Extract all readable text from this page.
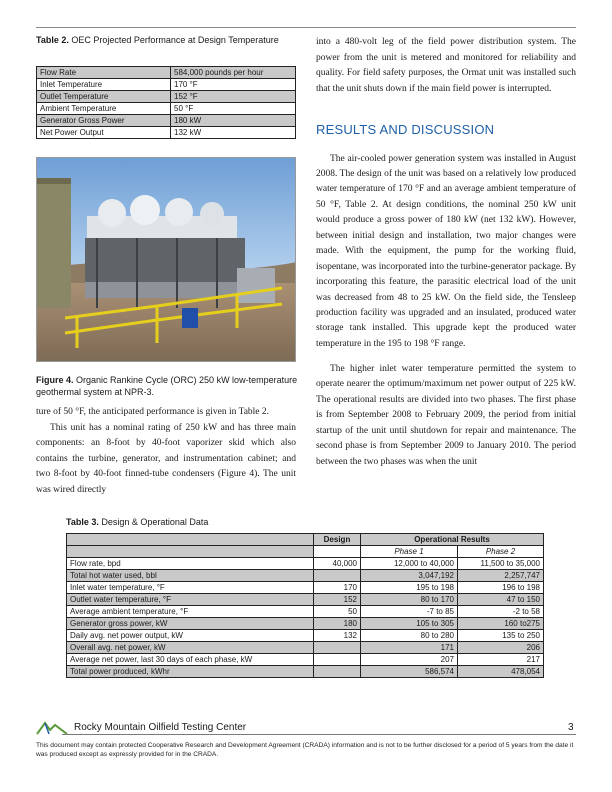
Table 2. OEC Projected Performance at Design Temperature
Flow Rate	584,000 pounds per hour
Inlet Temperature	170 °F
Outlet Temperature	152 °F
Ambient Temperature	50 °F
Generator Gross Power	180 kW
Net Power Output	132 kW
Figure 4. Organic Rankine Cycle (ORC) 250 kW low-temperature geothermal system at NPR-3.

ture of 50 °F, the anticipated performance is given in Table 2.

This unit has a nominal rating of 250 kW and has three main components: an 8-foot by 40-foot vaporizer skid which also contains the turbine, generator, and instrumentation cabinet; and two 8-foot by 40-foot finned-tube condensers (Figure 4). The unit was wired directly

into a 480-volt leg of the field power distribution system. The power from the unit is metered and monitored for reliability and quality. For field safety purposes, the Ormat unit was installed such that the unit shuts down if the main field power is interrupted.

RESULTS AND DISCUSSION

The air-cooled power generation system was installed in August 2008. The design of the unit was based on a relatively low produced water temperature of 170 °F and an average ambient temperature of 50 °F, Table 2. At design conditions, the nominal 250 kW unit would produce a gross power of 180 kW (net 132 kW). However, between initial design and installation, two major changes were made. With the equipment, the pump for the working fluid, isopentane, was incorporated into the turbine-generator package. By incorporating this feature, the parasitic electrical load of the unit was decreased from 48 to 25 kW. On the field side, the Tensleep production facility was upgraded and an insulated, produced water storage tank installed. This upgrade kept the produced water temperature in the 195 to 198 °F range.

The higher inlet water temperature permitted the system to operate nearer the optimum/maximum net power output of 225 kW. The operational results are divided into two phases. The first phase is from September 2008 to February 2009, the period from initial startup of the unit until shutdown for repair and maintenance. The second phase is from September 2009 to January 2010. The period between the two phases was when the unit

Table 3. Design & Operational Data
	Design	Operational Results	
		Phase 1	Phase 2
Flow rate, bpd	40,000	12,000 to 40,000	11,500 to 35,000
Total hot water used, bbl		3,047,192	2,257,747
Inlet water temperature, °F	170	195 to 198	196 to 198
Outlet water temperature, °F	152	80 to 170	47 to 150
Average ambient temperature, °F	50	-7 to 85	-2 to 58
Generator gross power, kW	180	105 to 305	160 to275
Daily avg. net power output, kW	132	80 to 280	135 to 250
Overall avg. net power, kW		171	206
Average net power, last 30 days of each phase, kW		207	217
Total power produced, kWhr		586,574	478,054
Rocky Mountain Oilfield Testing Center	3
This document may contain protected Cooperative Research and Development Agreement (CRADA) information and is not to be further disclosed for a period of 5 years from the date it was produced except as expressly provided for in the CRADA.
